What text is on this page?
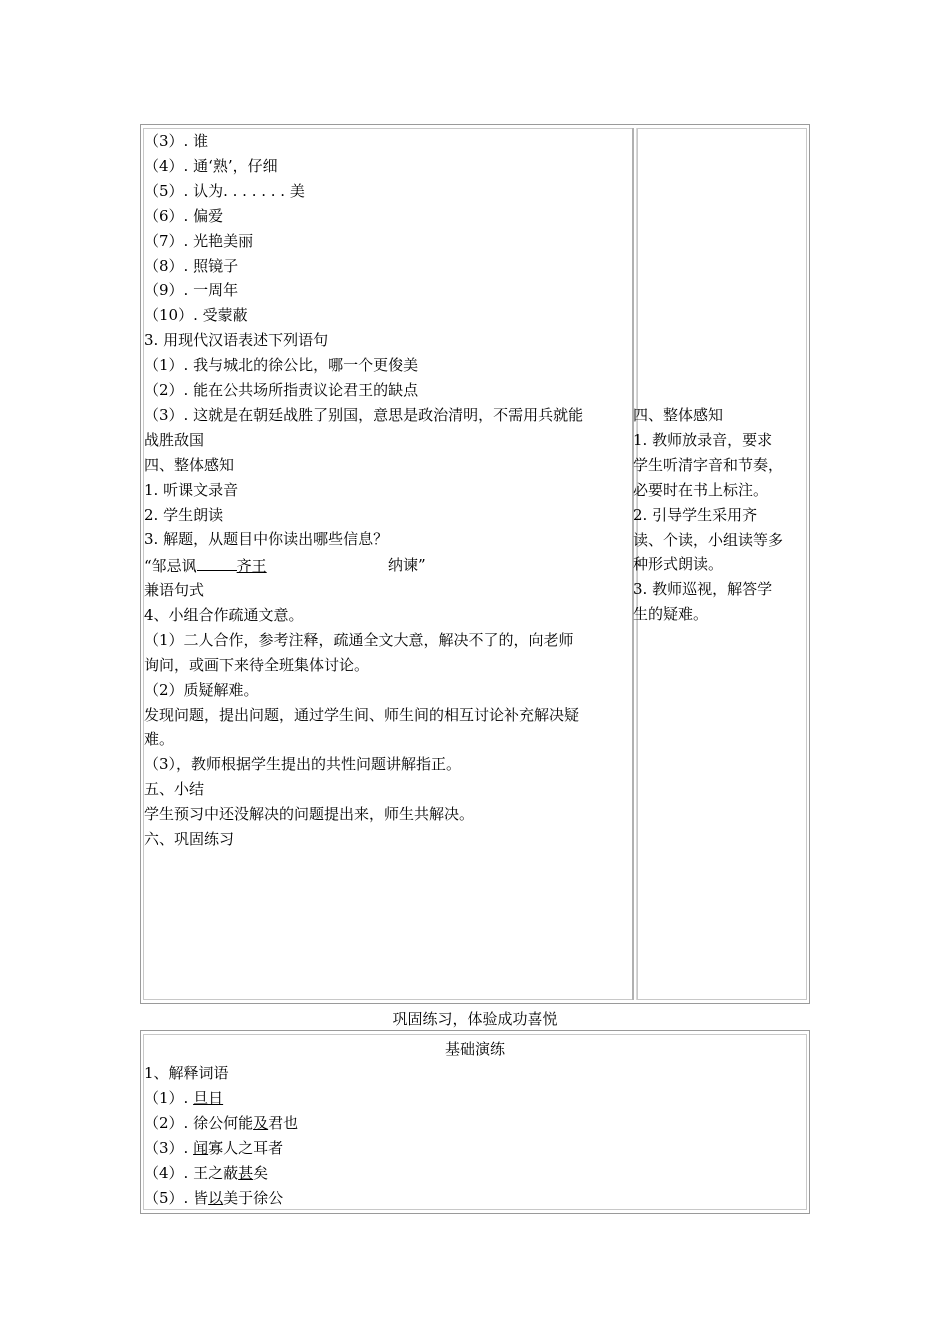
（3）. 谁
（4）. 通‘熟’，仔细
（5）. 认为. . . . . . . 美
（6）. 偏爱
（7）. 光艳美丽
（8）. 照镜子
（9）. 一周年
（10）. 受蒙蔽
3. 用现代汉语表述下列语句
（1）. 我与城北的徐公比，哪一个更俊美
（2）. 能在公共场所指责议论君王的缺点
（3）. 这就是在朝廷战胜了别国，意思是政治清明，不需用兵就能
战胜敌国
四、整体感知
1. 听课文录音
2. 学生朗读
3. 解题，从题目中你读出哪些信息？
兼语句式
4、小组合作疏通文意。
（1）二人合作，参考注释，疏通全文大意，解决不了的，向老师
询问，或画下来待全班集体讨论。
（2）质疑解难。
发现问题，提出问题，通过学生间、师生间的相互讨论补充解决疑
难。
（3），教师根据学生提出的共性问题讲解指正。
五、小结
学生预习中还没解决的问题提出来，师生共解决。
六、巩固练习
四、整体感知
1. 教师放录音，要求
学生听清字音和节奏，
必要时在书上标注。
2. 引导学生采用齐
读、个读，小组读等多
种形式朗读。
3. 教师巡视，解答学
生的疑难。
“邹忌讽	齐王	纳谏”
巩固练习，体验成功喜悦
基础演练
1、解释词语
（1）. 旦日
（2）. 徐公何能及君也
（3）. 闻寡人之耳者
（4）. 王之蔽甚矣
（5）. 皆以美于徐公
